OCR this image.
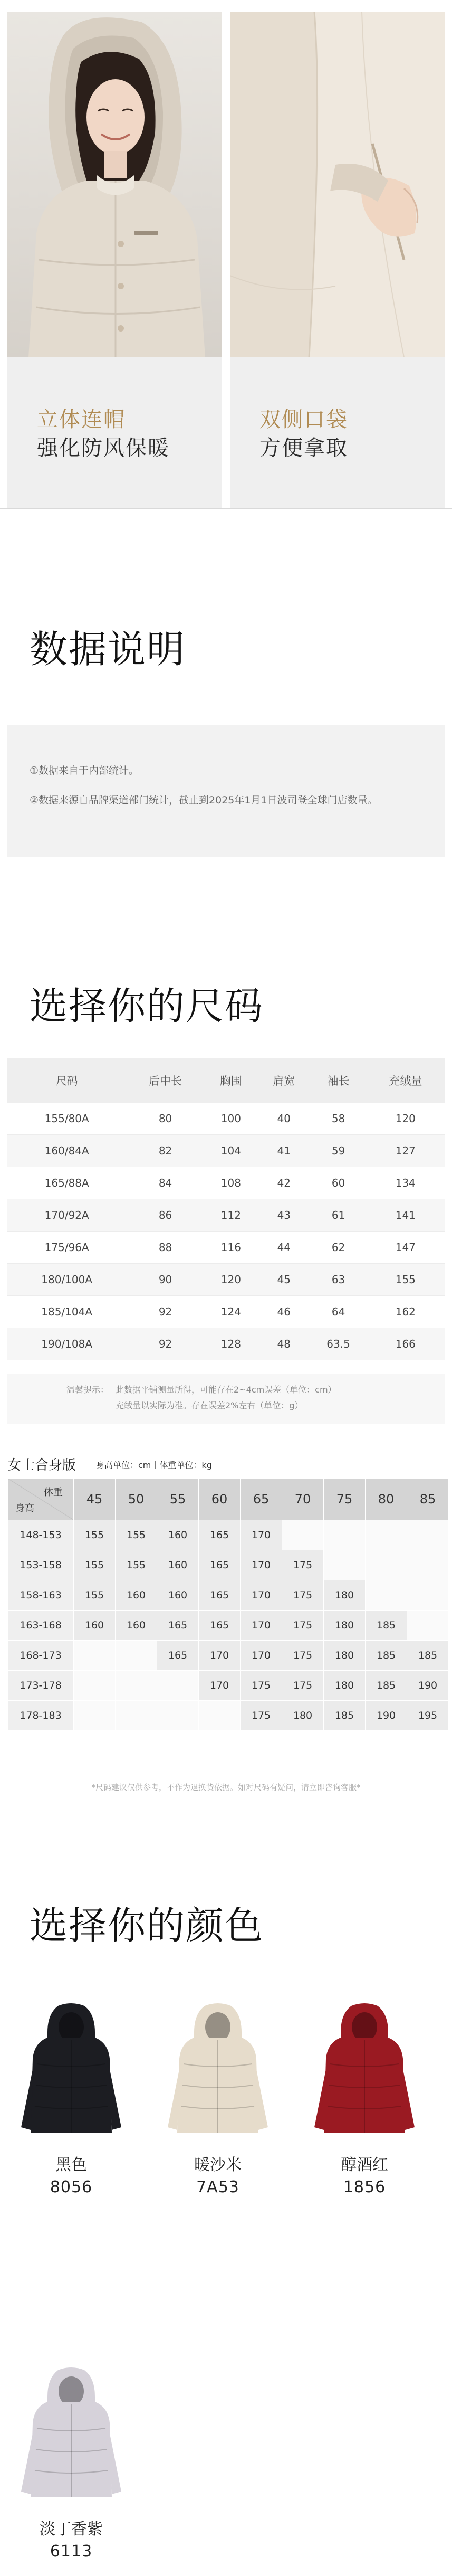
立体连帽
强化防风保暖
双侧口袋
方便拿取
数据说明

①数据来自于内部统计。

②数据来源自品牌渠道部门统计，截止到2025年1月1日波司登全球门店数量。

选择你的尺码
尺码	后中长	胸围	肩宽	袖长	充绒量
155/80A	80	100	40	58	120
160/84A	82	104	41	59	127
165/88A	84	108	42	60	134
170/92A	86	112	43	61	141
175/96A	88	116	44	62	147
180/100A	90	120	45	63	155
185/104A	92	124	46	64	162
190/108A	92	128	48	63.5	166
温馨提示： 此数据平铺测量所得，可能存在2~4cm误差（单位：cm）
充绒量以实际为准。存在误差2%左右（单位：g）
女士合身版 身高单位：cm｜体重单位：kg
体重
身高	45	50	55	60	65	70	75	80	85
148-153	155	155	160	165	170				
153-158	155	155	160	165	170	175			
158-163	155	160	160	165	170	175	180		
163-168	160	160	165	165	170	175	180	185	
168-173			165	170	170	175	180	185	185
173-178				170	175	175	180	185	190
178-183					175	180	185	190	195
*尺码建议仅供参考，不作为退换货依据。如对尺码有疑问，请立即咨询客服*
选择你的颜色
黑色
8056
暖沙米
7A53
醇酒红
1856
淡丁香紫
6113
